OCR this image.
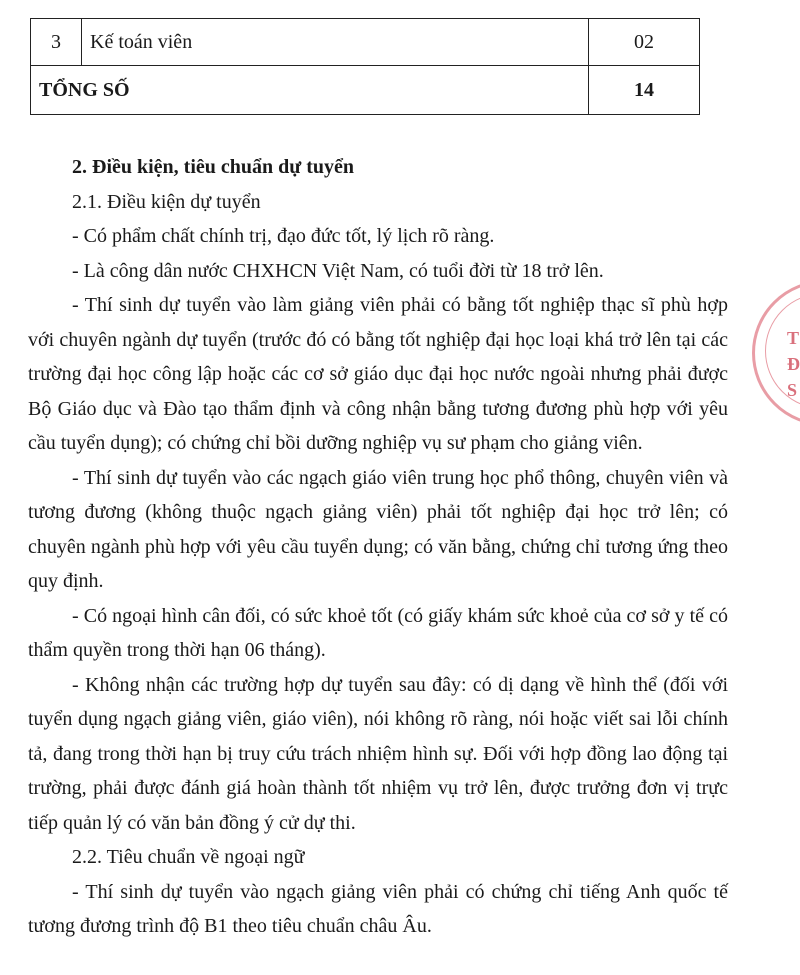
3	Kế toán viên	02
TỔNG SỐ		14

2. Điều kiện, tiêu chuẩn dự tuyển

2.1. Điều kiện dự tuyển

- Có phẩm chất chính trị, đạo đức tốt, lý lịch rõ ràng.

- Là công dân nước CHXHCN Việt Nam, có tuổi đời từ 18 trở lên.

- Thí sinh dự tuyển vào làm giảng viên phải có bằng tốt nghiệp thạc sĩ phù hợp với chuyên ngành dự tuyển (trước đó có bằng tốt nghiệp đại học loại khá trở lên tại các trường đại học công lập hoặc các cơ sở giáo dục đại học nước ngoài nhưng phải được Bộ Giáo dục và Đào tạo thẩm định và công nhận bằng tương đương phù hợp với yêu cầu tuyển dụng); có chứng chỉ bồi dưỡng nghiệp vụ sư phạm cho giảng viên.

- Thí sinh dự tuyển vào các ngạch giáo viên trung học phổ thông, chuyên viên và tương đương (không thuộc ngạch giảng viên) phải tốt nghiệp đại học trở lên; có chuyên ngành phù hợp với yêu cầu tuyển dụng; có văn bằng, chứng chỉ tương ứng theo quy định.

- Có ngoại hình cân đối, có sức khoẻ tốt (có giấy khám sức khoẻ của cơ sở y tế có thẩm quyền trong thời hạn 06 tháng).

- Không nhận các trường hợp dự tuyển sau đây: có dị dạng về hình thể (đối với tuyển dụng ngạch giảng viên, giáo viên), nói không rõ ràng, nói hoặc viết sai lỗi chính tả, đang trong thời hạn bị truy cứu trách nhiệm hình sự. Đối với hợp đồng lao động tại trường, phải được đánh giá hoàn thành tốt nhiệm vụ trở lên, được trưởng đơn vị trực tiếp quản lý có văn bản đồng ý cử dự thi.

2.2. Tiêu chuẩn về ngoại ngữ

- Thí sinh dự tuyển vào ngạch giảng viên phải có chứng chỉ tiếng Anh quốc tế tương đương trình độ B1 theo tiêu chuẩn châu Âu.

T
Đ
S
